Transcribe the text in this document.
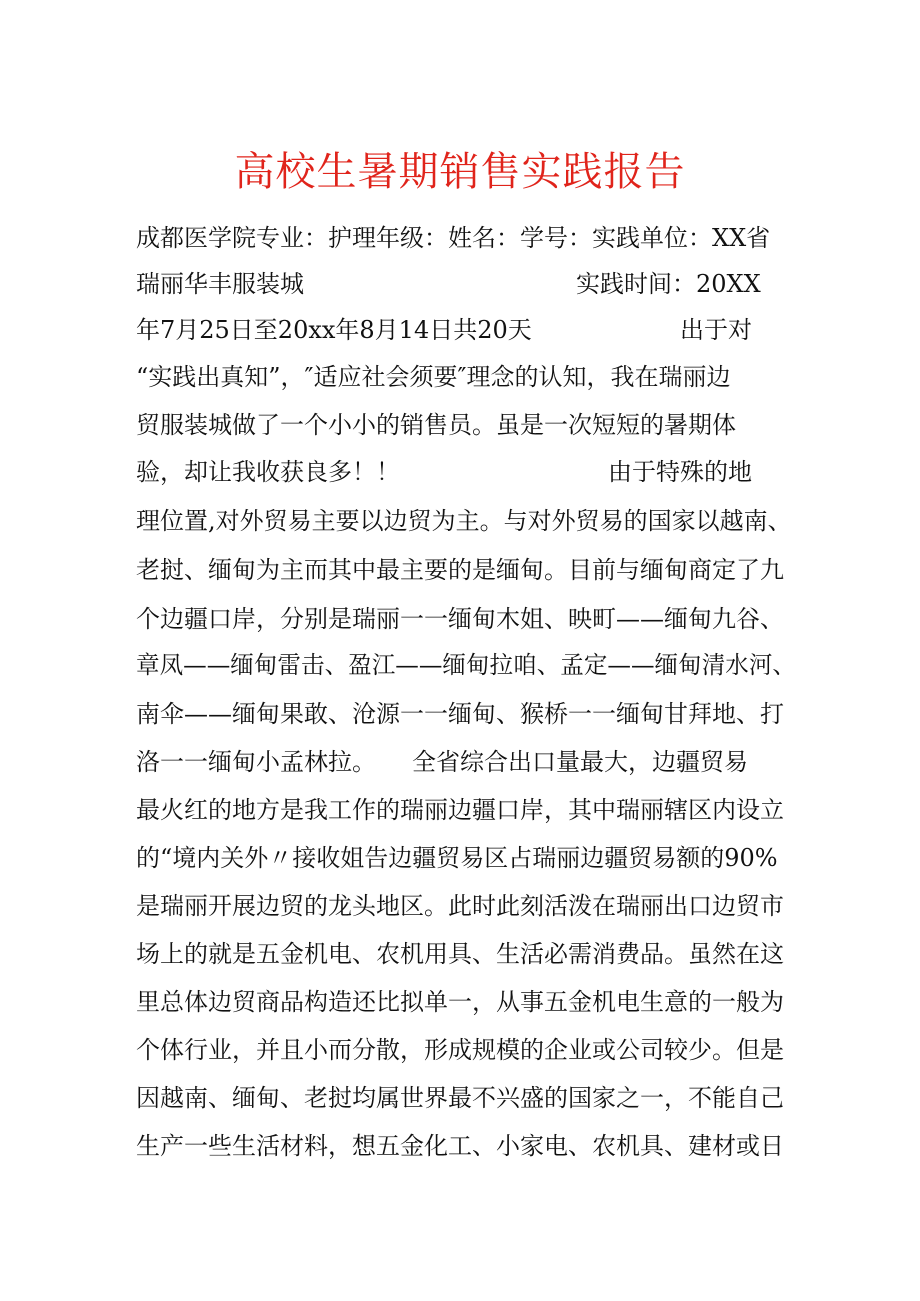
高校生暑期销售实践报告
成都医学院专业：护理年级：姓名：学号：实践单位：XX省
瑞丽华丰服装城	实践时间：20XX
年7月25日至20xx年8月14日共20天	出于对
“实践出真知”，″适应社会须要″理念的认知，我在瑞丽边
贸服装城做了一个小小的销售员。虽是一次短短的暑期体
验，却让我收获良多！！	由于特殊的地
理位置,对外贸易主要以边贸为主。与对外贸易的国家以越南、
老挝、缅甸为主而其中最主要的是缅甸。目前与缅甸商定了九
个边疆口岸，分别是瑞丽一一缅甸木姐、映町——缅甸九谷、
章凤——缅甸雷击、盈江——缅甸拉咱、孟定——缅甸清水河、
南伞——缅甸果敢、沧源一一缅甸、猴桥一一缅甸甘拜地、打
洛一一缅甸小孟林拉。 全省综合出口量最大，边疆贸易
最火红的地方是我工作的瑞丽边疆口岸，其中瑞丽辖区内设立
的“境内关外〃接收姐告边疆贸易区占瑞丽边疆贸易额的90%
是瑞丽开展边贸的龙头地区。此时此刻活泼在瑞丽出口边贸市
场上的就是五金机电、农机用具、生活必需消费品。虽然在这
里总体边贸商品构造还比拟单一，从事五金机电生意的一般为
个体行业，并且小而分散，形成规模的企业或公司较少。但是
因越南、缅甸、老挝均属世界最不兴盛的国家之一，不能自己
生产一些生活材料，想五金化工、小家电、农机具、建材或日
